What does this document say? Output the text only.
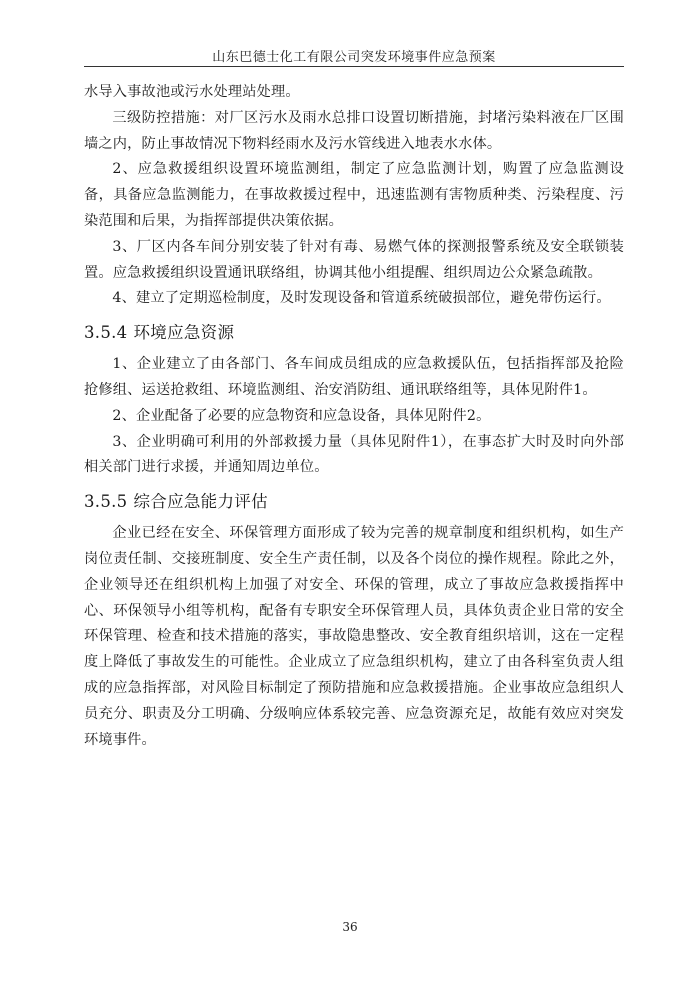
山东巴德士化工有限公司突发环境事件应急预案

水导入事故池或污水处理站处理。

三级防控措施：对厂区污水及雨水总排口设置切断措施，封堵污染料液在厂区围墙之内，防止事故情况下物料经雨水及污水管线进入地表水水体。

2、应急救援组织设置环境监测组，制定了应急监测计划，购置了应急监测设备，具备应急监测能力，在事故救援过程中，迅速监测有害物质种类、污染程度、污染范围和后果，为指挥部提供决策依据。

3、厂区内各车间分别安装了针对有毒、易燃气体的探测报警系统及安全联锁装置。应急救援组织设置通讯联络组，协调其他小组提醒、组织周边公众紧急疏散。

4、建立了定期巡检制度，及时发现设备和管道系统破损部位，避免带伤运行。

3.5.4 环境应急资源

1、企业建立了由各部门、各车间成员组成的应急救援队伍，包括指挥部及抢险抢修组、运送抢救组、环境监测组、治安消防组、通讯联络组等，具体见附件1。

2、企业配备了必要的应急物资和应急设备，具体见附件2。

3、企业明确可利用的外部救援力量（具体见附件1），在事态扩大时及时向外部相关部门进行求援，并通知周边单位。

3.5.5 综合应急能力评估

企业已经在安全、环保管理方面形成了较为完善的规章制度和组织机构，如生产岗位责任制、交接班制度、安全生产责任制，以及各个岗位的操作规程。除此之外，企业领导还在组织机构上加强了对安全、环保的管理，成立了事故应急救援指挥中心、环保领导小组等机构，配备有专职安全环保管理人员，具体负责企业日常的安全环保管理、检查和技术措施的落实，事故隐患整改、安全教育组织培训，这在一定程度上降低了事故发生的可能性。企业成立了应急组织机构，建立了由各科室负责人组成的应急指挥部，对风险目标制定了预防措施和应急救援措施。企业事故应急组织人员充分、职责及分工明确、分级响应体系较完善、应急资源充足，故能有效应对突发环境事件。

36
